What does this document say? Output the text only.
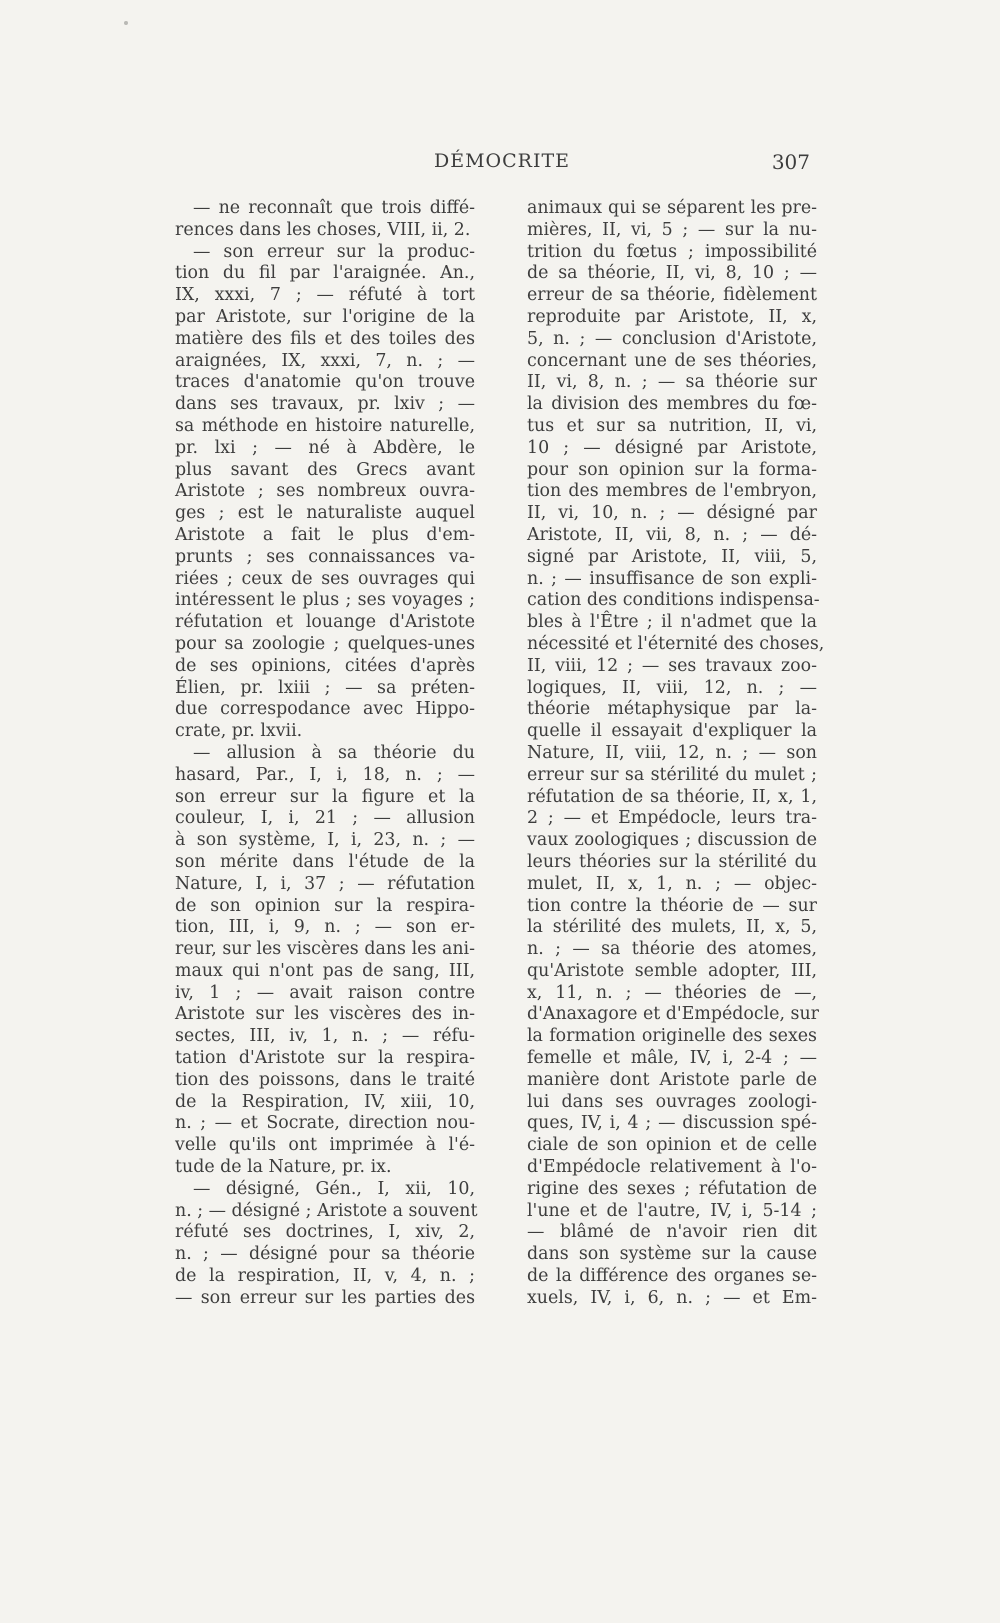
DÉMOCRITE	307
— ne reconnaît que trois diffé-
rences dans les choses, VIII, ii, 2.
— son erreur sur la produc-
tion du fil par l'araignée. An.,
IX, xxxi, 7 ; — réfuté à tort
par Aristote, sur l'origine de la
matière des fils et des toiles des
araignées, IX, xxxi, 7, n. ; —
traces d'anatomie qu'on trouve
dans ses travaux, pr. lxiv ; —
sa méthode en histoire naturelle,
pr. lxi ; — né à Abdère, le
plus savant des Grecs avant
Aristote ; ses nombreux ouvra-
ges ; est le naturaliste auquel
Aristote a fait le plus d'em-
prunts ; ses connaissances va-
riées ; ceux de ses ouvrages qui
intéressent le plus ; ses voyages ;
réfutation et louange d'Aristote
pour sa zoologie ; quelques-unes
de ses opinions, citées d'après
Élien, pr. lxiii ; — sa préten-
due correspodance avec Hippo-
crate, pr. lxvii.
— allusion à sa théorie du
hasard, Par., I, i, 18, n. ; —
son erreur sur la figure et la
couleur, I, i, 21 ; — allusion
à son système, I, i, 23, n. ; —
son mérite dans l'étude de la
Nature, I, i, 37 ; — réfutation
de son opinion sur la respira-
tion, III, i, 9, n. ; — son er-
reur, sur les viscères dans les ani-
maux qui n'ont pas de sang, III,
iv, 1 ; — avait raison contre
Aristote sur les viscères des in-
sectes, III, iv, 1, n. ; — réfu-
tation d'Aristote sur la respira-
tion des poissons, dans le traité
de la Respiration, IV, xiii, 10,
n. ; — et Socrate, direction nou-
velle qu'ils ont imprimée à l'é-
tude de la Nature, pr. ix.
— désigné, Gén., I, xii, 10,
n. ; — désigné ; Aristote a souvent
réfuté ses doctrines, I, xiv, 2,
n. ; — désigné pour sa théorie
de la respiration, II, v, 4, n. ;
— son erreur sur les parties des
animaux qui se séparent les pre-
mières, II, vi, 5 ; — sur la nu-
trition du fœtus ; impossibilité
de sa théorie, II, vi, 8, 10 ; —
erreur de sa théorie, fidèlement
reproduite par Aristote, II, x,
5, n. ; — conclusion d'Aristote,
concernant une de ses théories,
II, vi, 8, n. ; — sa théorie sur
la division des membres du fœ-
tus et sur sa nutrition, II, vi,
10 ; — désigné par Aristote,
pour son opinion sur la forma-
tion des membres de l'embryon,
II, vi, 10, n. ; — désigné par
Aristote, II, vii, 8, n. ; — dé-
signé par Aristote, II, viii, 5,
n. ; — insuffisance de son expli-
cation des conditions indispensa-
bles à l'Être ; il n'admet que la
nécessité et l'éternité des choses,
II, viii, 12 ; — ses travaux zoo-
logiques, II, viii, 12, n. ; —
théorie métaphysique par la-
quelle il essayait d'expliquer la
Nature, II, viii, 12, n. ; — son
erreur sur sa stérilité du mulet ;
réfutation de sa théorie, II, x, 1,
2 ; — et Empédocle, leurs tra-
vaux zoologiques ; discussion de
leurs théories sur la stérilité du
mulet, II, x, 1, n. ; — objec-
tion contre la théorie de — sur
la stérilité des mulets, II, x, 5,
n. ; — sa théorie des atomes,
qu'Aristote semble adopter, III,
x, 11, n. ; — théories de —,
d'Anaxagore et d'Empédocle, sur
la formation originelle des sexes
femelle et mâle, IV, i, 2-4 ; —
manière dont Aristote parle de
lui dans ses ouvrages zoologi-
ques, IV, i, 4 ; — discussion spé-
ciale de son opinion et de celle
d'Empédocle relativement à l'o-
rigine des sexes ; réfutation de
l'une et de l'autre, IV, i, 5-14 ;
— blâmé de n'avoir rien dit
dans son système sur la cause
de la différence des organes se-
xuels, IV, i, 6, n. ; — et Em-
